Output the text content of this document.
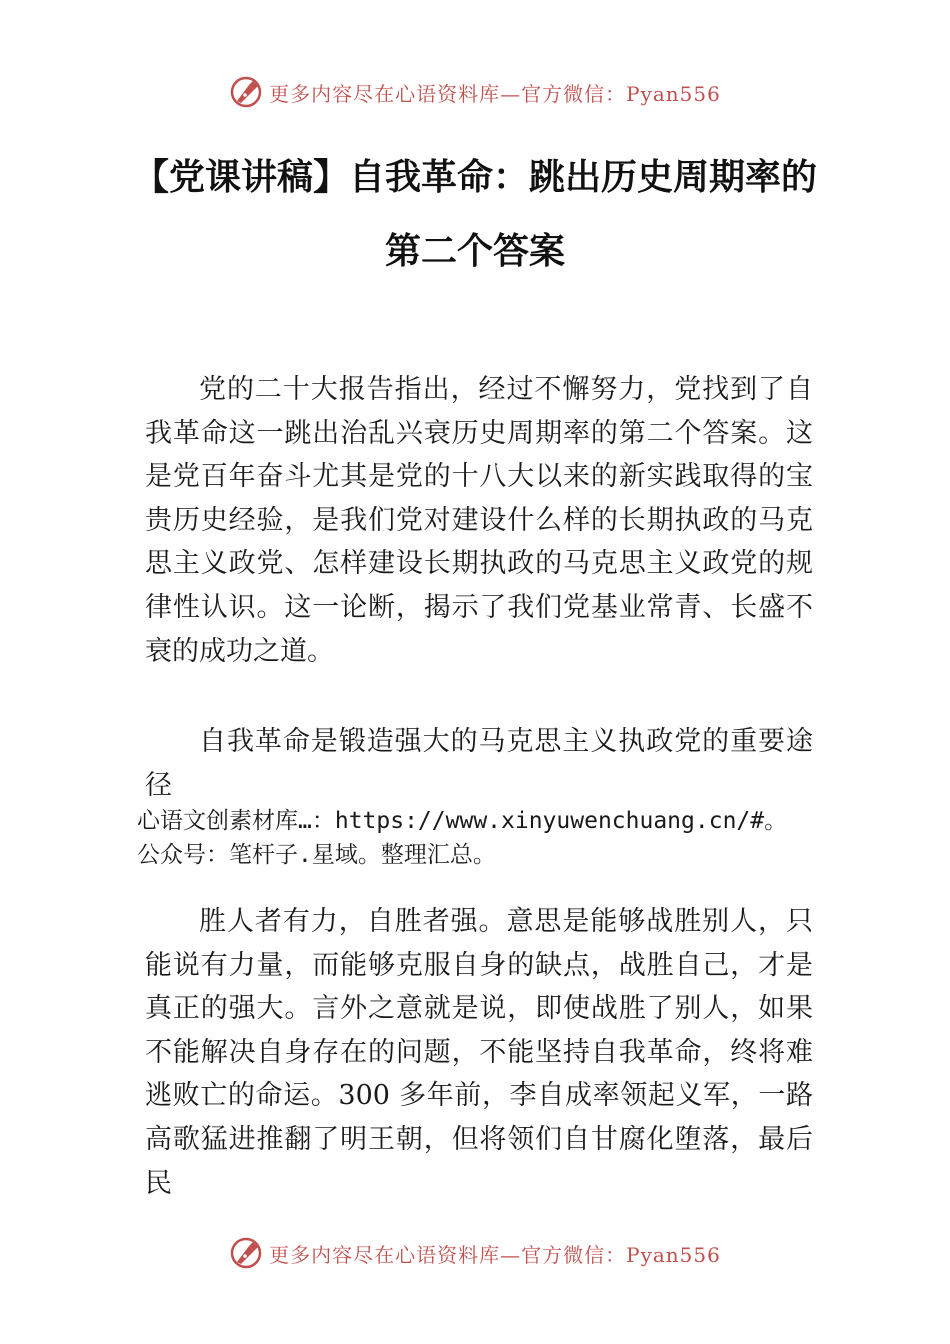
更多内容尽在心语资料库—官方微信：Pyan556
【党课讲稿】自我革命：跳出历史周期率的
第二个答案

党的二十大报告指出，经过不懈努力，党找到了自我革命这一跳出治乱兴衰历史周期率的第二个答案。这是党百年奋斗尤其是党的十八大以来的新实践取得的宝贵历史经验，是我们党对建设什么样的长期执政的马克思主义政党、怎样建设长期执政的马克思主义政党的规律性认识。这一论断，揭示了我们党基业常青、长盛不衰的成功之道。

自我革命是锻造强大的马克思主义执政党的重要途径

心语文创素材库…：https://www.xinyuwenchuang.cn/#。
公众号：笔杆子.星域。整理汇总。

胜人者有力，自胜者强。意思是能够战胜别人，只能说有力量，而能够克服自身的缺点，战胜自己，才是真正的强大。言外之意就是说，即使战胜了别人，如果不能解决自身存在的问题，不能坚持自我革命，终将难逃败亡的命运。300 多年前，李自成率领起义军，一路高歌猛进推翻了明王朝，但将领们自甘腐化堕落，最后民

更多内容尽在心语资料库—官方微信：Pyan556
